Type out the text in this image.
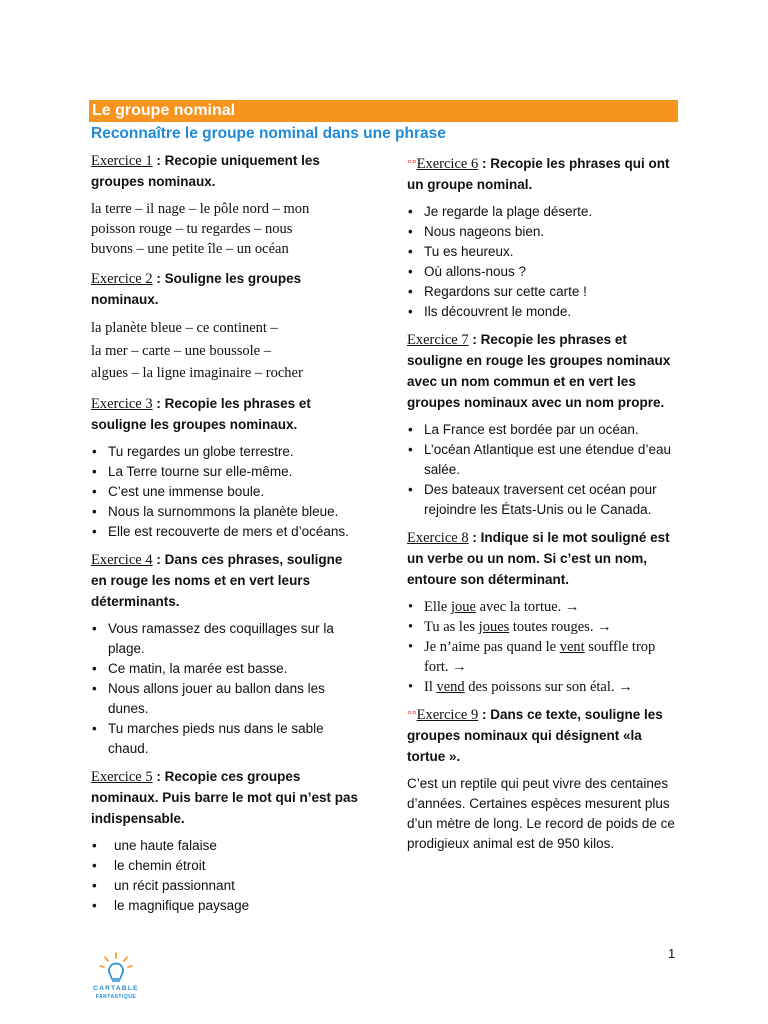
Le groupe nominal
Reconnaître le groupe nominal dans une phrase
Exercice 1 : Recopie uniquement les groupes nominaux.

la terre – il nage – le pôle nord – mon

poisson rouge – tu regardes – nous

buvons – une petite île – un océan

Exercice 2 : Souligne les groupes nominaux.

la planète bleue – ce continent –

la mer – carte – une boussole –

algues – la ligne imaginaire – rocher

Exercice 3 : Recopie les phrases et souligne les groupes nominaux.
• Tu regardes un globe terrestre.
• La Terre tourne sur elle-même.
• C’est une immense boule.
• Nous la surnommons la planète bleue.
• Elle est recouverte de mers et d’océans.
Exercice 4 : Dans ces phrases, souligne en rouge les noms et en vert leurs déterminants.
• Vous ramassez des coquillages sur la plage.
• Ce matin, la marée est basse.
• Nous allons jouer au ballon dans les dunes.
• Tu marches pieds nus dans le sable chaud.
Exercice 5 : Recopie ces groupes nominaux. Puis barre le mot qui n’est pas indispensable.
• une haute falaise
• le chemin étroit
• un récit passionnant
• le magnifique paysage
°°Exercice 6 : Recopie les phrases qui ont un groupe nominal.
• Je regarde la plage déserte.
• Nous nageons bien.
• Tu es heureux.
• Où allons-nous ?
• Regardons sur cette carte !
• Ils découvrent le monde.
Exercice 7 : Recopie les phrases et souligne en rouge les groupes nominaux avec un nom commun et en vert les groupes nominaux avec un nom propre.
• La France est bordée par un océan.
• L’océan Atlantique est une étendue d’eau salée.
• Des bateaux traversent cet océan pour rejoindre les États-Unis ou le Canada.
Exercice 8 : Indique si le mot souligné est un verbe ou un nom. Si c’est un nom, entoure son déterminant.
• Elle joue avec la tortue. →
• Tu as les joues toutes rouges. →
• Je n’aime pas quand le vent souffle trop fort. →
• Il vend des poissons sur son étal. →
°°Exercice 9 : Dans ce texte, souligne les groupes nominaux qui désignent «la tortue ».

C’est un reptile qui peut vivre des centaines d’années. Certaines espèces mesurent plus d’un mètre de long. Le record de poids de ce prodigieux animal est de 950 kilos.

1
CARTABLE
FANTASTIQUE
